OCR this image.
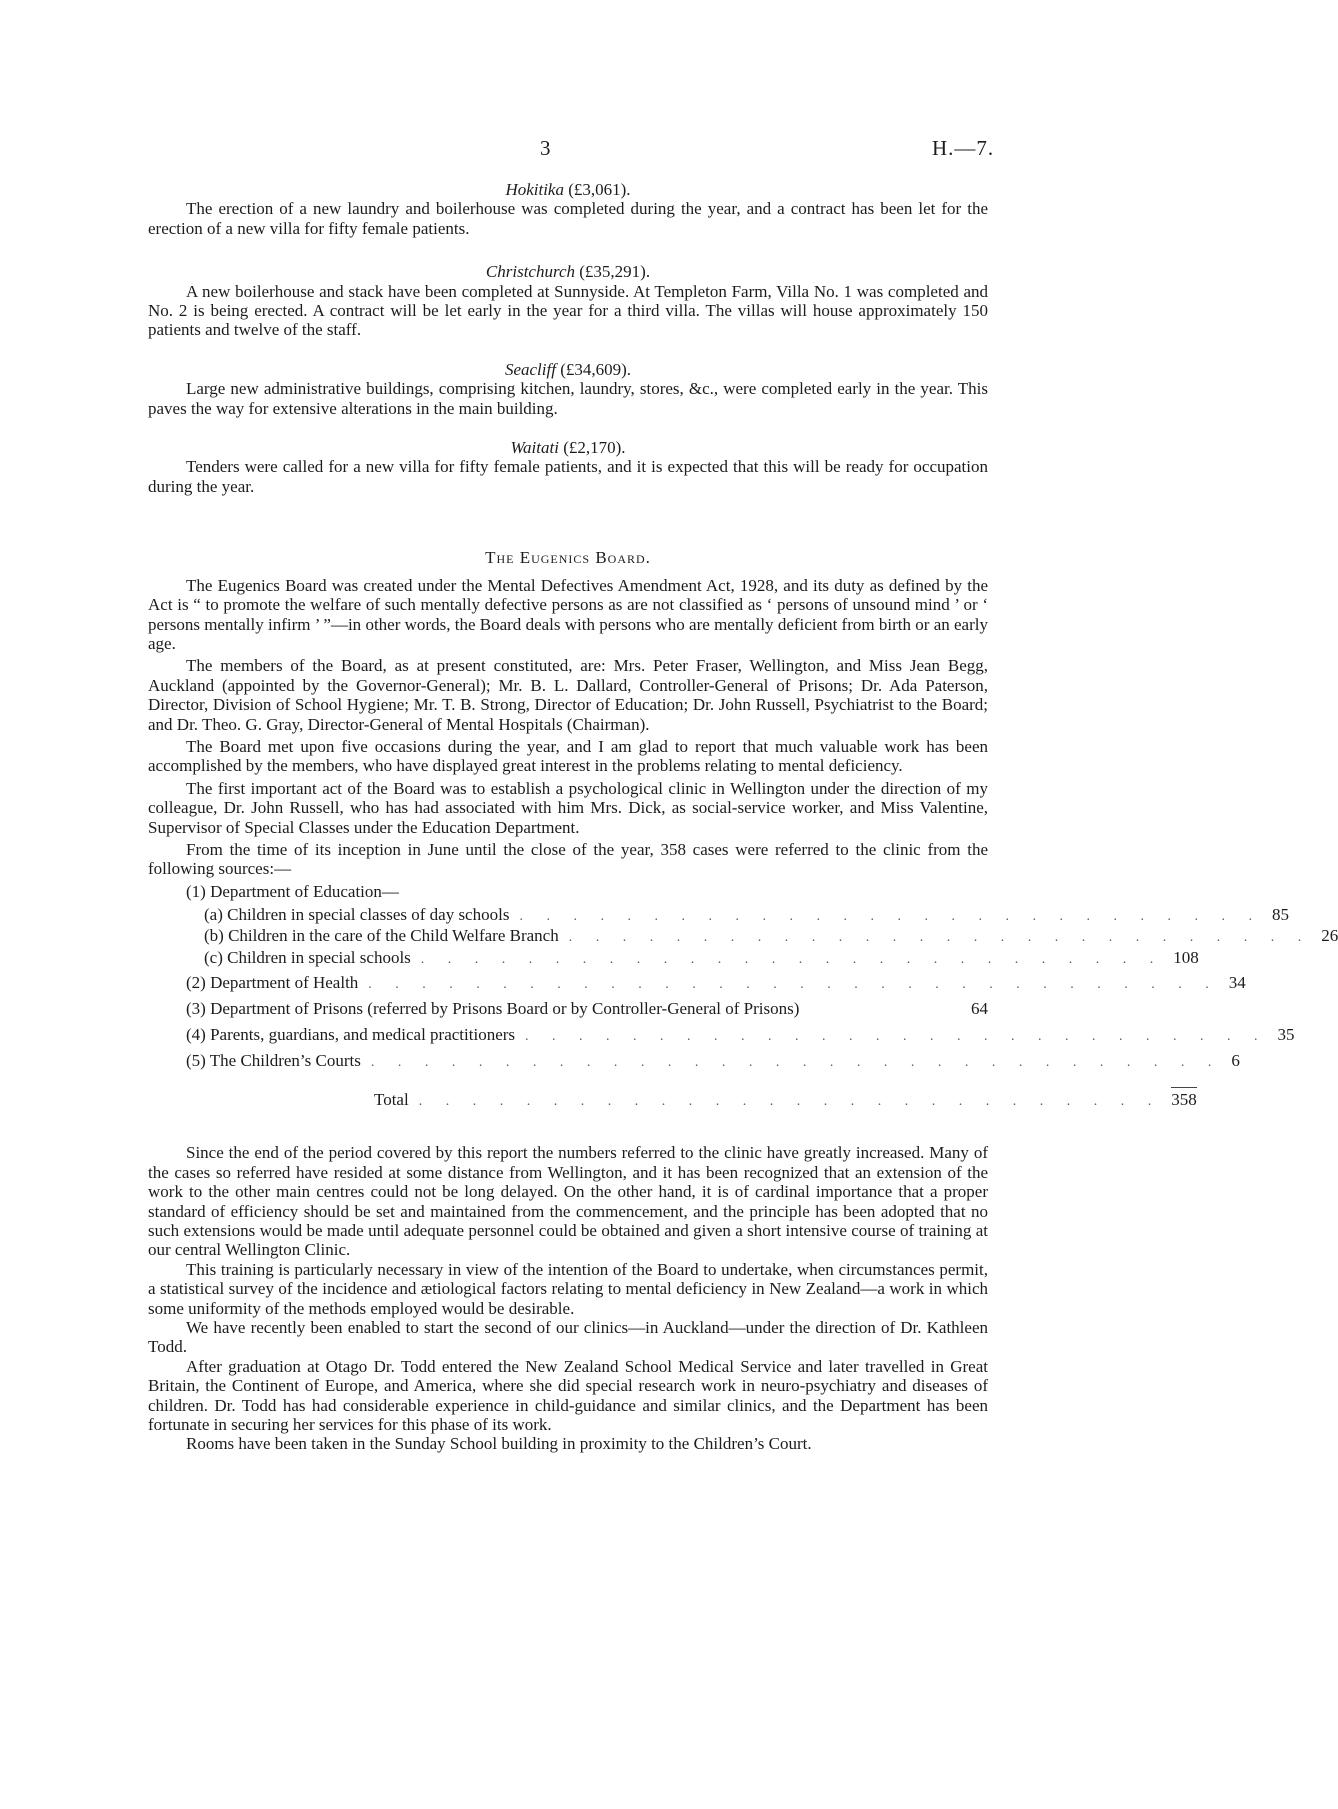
3	H.—7.
Hokitika (£3,061).

The erection of a new laundry and boilerhouse was completed during the year, and a contract has been let for the erection of a new villa for fifty female patients.

Christchurch (£35,291).

A new boilerhouse and stack have been completed at Sunnyside. At Templeton Farm, Villa No. 1 was completed and No. 2 is being erected. A contract will be let early in the year for a third villa. The villas will house approximately 150 patients and twelve of the staff.

Seacliff (£34,609).

Large new administrative buildings, comprising kitchen, laundry, stores, &c., were completed early in the year. This paves the way for extensive alterations in the main building.

Waitati (£2,170).

Tenders were called for a new villa for fifty female patients, and it is expected that this will be ready for occupation during the year.

The Eugenics Board.

The Eugenics Board was created under the Mental Defectives Amendment Act, 1928, and its duty as defined by the Act is “ to promote the welfare of such mentally defective persons as are not classified as ‘ persons of unsound mind ’ or ‘ persons mentally infirm ’ ”—in other words, the Board deals with persons who are mentally deficient from birth or an early age.

The members of the Board, as at present constituted, are: Mrs. Peter Fraser, Wellington, and Miss Jean Begg, Auckland (appointed by the Governor-General); Mr. B. L. Dallard, Controller-General of Prisons; Dr. Ada Paterson, Director, Division of School Hygiene; Mr. T. B. Strong, Director of Education; Dr. John Russell, Psychiatrist to the Board; and Dr. Theo. G. Gray, Director-General of Mental Hospitals (Chairman).

The Board met upon five occasions during the year, and I am glad to report that much valuable work has been accomplished by the members, who have displayed great interest in the problems relating to mental deficiency.

The first important act of the Board was to establish a psychological clinic in Wellington under the direction of my colleague, Dr. John Russell, who has had associated with him Mrs. Dick, as social-service worker, and Miss Valentine, Supervisor of Special Classes under the Education Department.

From the time of its inception in June until the close of the year, 358 cases were referred to the clinic from the following sources:—

(1) Department of Education—
(a) Children in special classes of day schools . . . . . . . . . . . . . . . . . . . . . . . . . . . . 85
(b) Children in the care of the Child Welfare Branch . . . . . . . . . . . . . . . . . . . . . . . . . . . . 26
(c) Children in special schools . . . . . . . . . . . . . . . . . . . . . . . . . . . . 108
(2) Department of Health . . . . . . . . . . . . . . . . . . . . . . . . . . . . . . . . 34
(3) Department of Prisons (referred by Prisons Board or by Controller-General of Prisons)	64
(4) Parents, guardians, and medical practitioners . . . . . . . . . . . . . . . . . . . . . . . . . . . . 35
(5) The Children’s Courts . . . . . . . . . . . . . . . . . . . . . . . . . . . . . . . . 6
Total . . . . . . . . . . . . . . . . . . . . . . . . . . . . 358

Since the end of the period covered by this report the numbers referred to the clinic have greatly increased. Many of the cases so referred have resided at some distance from Wellington, and it has been recognized that an extension of the work to the other main centres could not be long delayed. On the other hand, it is of cardinal importance that a proper standard of efficiency should be set and maintained from the commencement, and the principle has been adopted that no such extensions would be made until adequate personnel could be obtained and given a short intensive course of training at our central Wellington Clinic.

This training is particularly necessary in view of the intention of the Board to undertake, when circumstances permit, a statistical survey of the incidence and ætiological factors relating to mental deficiency in New Zealand—a work in which some uniformity of the methods employed would be desirable.

We have recently been enabled to start the second of our clinics—in Auckland—under the direction of Dr. Kathleen Todd.

After graduation at Otago Dr. Todd entered the New Zealand School Medical Service and later travelled in Great Britain, the Continent of Europe, and America, where she did special research work in neuro-psychiatry and diseases of children. Dr. Todd has had considerable experience in child-guidance and similar clinics, and the Department has been fortunate in securing her services for this phase of its work.

Rooms have been taken in the Sunday School building in proximity to the Children’s Court.
